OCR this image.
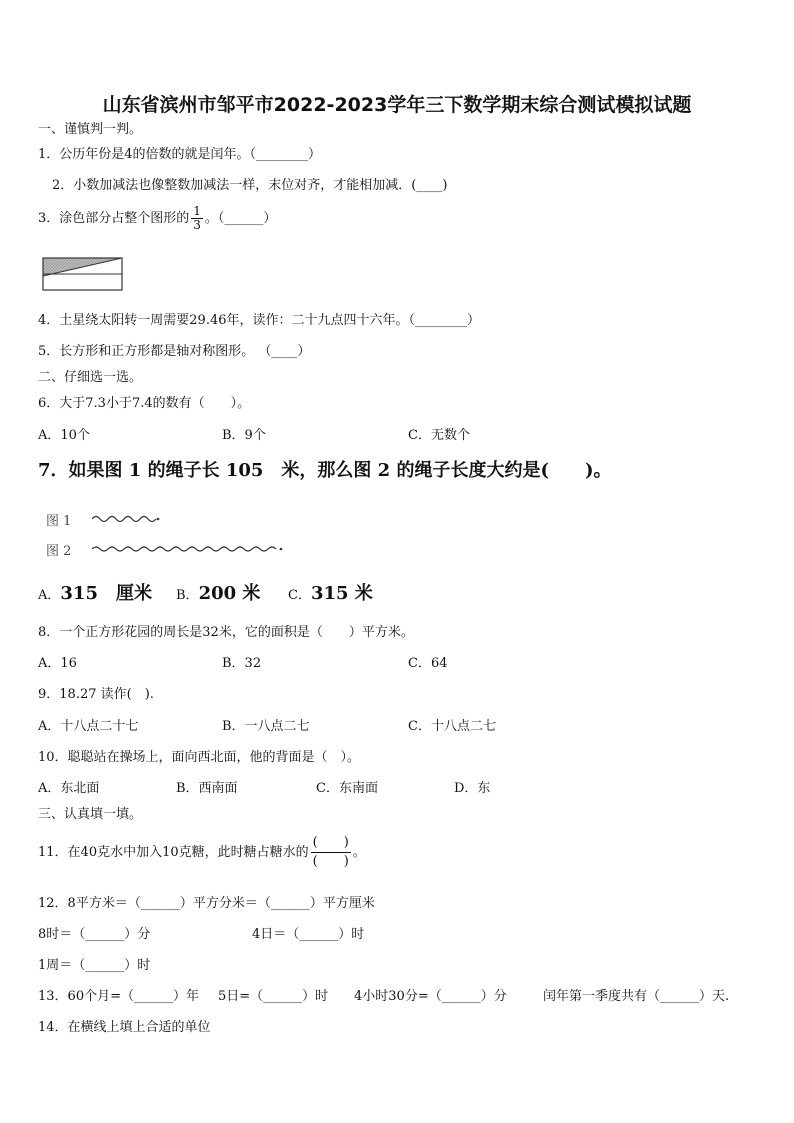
山东省滨州市邹平市2022-2023学年三下数学期末综合测试模拟试题
一、谨慎判一判。
1．公历年份是4的倍数的就是闰年。（________）
2．小数加减法也像整数加减法一样，末位对齐，才能相加减．(____)
3．涂色部分占整个图形的 $\frac{1}{3}$ 。（______）
4．土星绕太阳转一周需要29.46年，读作：二十九点四十六年。（________）
5．长方形和正方形都是轴对称图形。 （____）
二、仔细选一选。
6．大于7.3小于7.4的数有（　　）。
A．10个	B．9个	C．无数个
7．如果图 1 的绳子长 105　米，那么图 2 的绳子长度大约是(　　)。
图 1
图 2
A．315　厘米 B．200 米 C．315 米
8．一个正方形花园的周长是32米，它的面积是（　　）平方米。
A．16	B．32	C．64
9．18.27 读作(　).
A．十八点二十七	B．一八点二七	C．十八点二七
10．聪聪站在操场上，面向西北面，他的背面是（　）。
A．东北面	B．西南面	C．东南面	D．东
三、认真填一填。
11．在40克水中加入10克糖，此时糖占糖水的 $\frac{( )}{( )}$ 。
12．8平方米＝（______）平方分米＝（______）平方厘米
8时＝（______）分	4日＝（______）时
1周＝（______）时
13．60个月=（______）年 5日=（______）时 4小时30分=（______）分	闰年第一季度共有（______）天.
14．在横线上填上合适的单位
